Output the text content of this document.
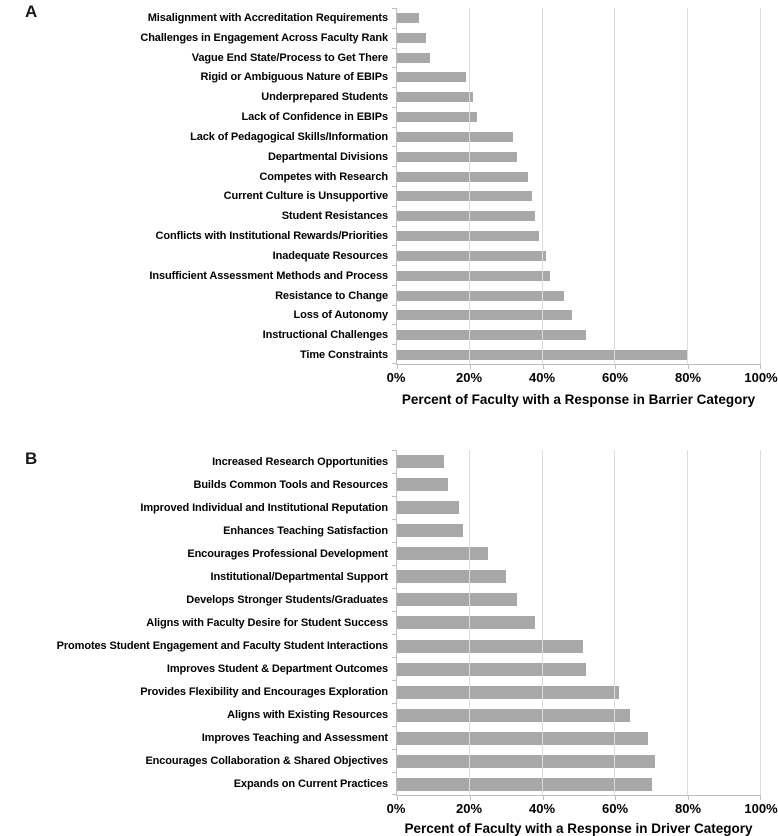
A	Misalignment with Accreditation Requirements
Challenges in Engagement Across Faculty Rank
Vague End State/Process to Get There
Rigid or Ambiguous Nature of EBIPs
Underprepared Students
Lack of Confidence in EBIPs
Lack of Pedagogical Skills/Information
Departmental Divisions
Competes with Research
Current Culture is Unsupportive
Student Resistances
Conflicts with Institutional Rewards/Priorities
Inadequate Resources
Insufficient Assessment Methods and Process
Resistance to Change
Loss of Autonomy
Instructional Challenges
Time Constraints
0%	20%	40%	60%	80%	100%
Percent of Faculty with a Response in Barrier Category
B	Increased Research Opportunities
Builds Common Tools and Resources
Improved Individual and Institutional Reputation
Enhances Teaching Satisfaction
Encourages Professional Development
Institutional/Departmental Support
Develops Stronger Students/Graduates
Aligns with Faculty Desire for Student Success
Promotes Student Engagement and Faculty Student Interactions
Improves Student & Department Outcomes
Provides Flexibility and Encourages Exploration
Aligns with Existing Resources
Improves Teaching and Assessment
Encourages Collaboration & Shared Objectives
Expands on Current Practices
0%	20%	40%	60%	80%	100%
Percent of Faculty with a Response in Driver Category
